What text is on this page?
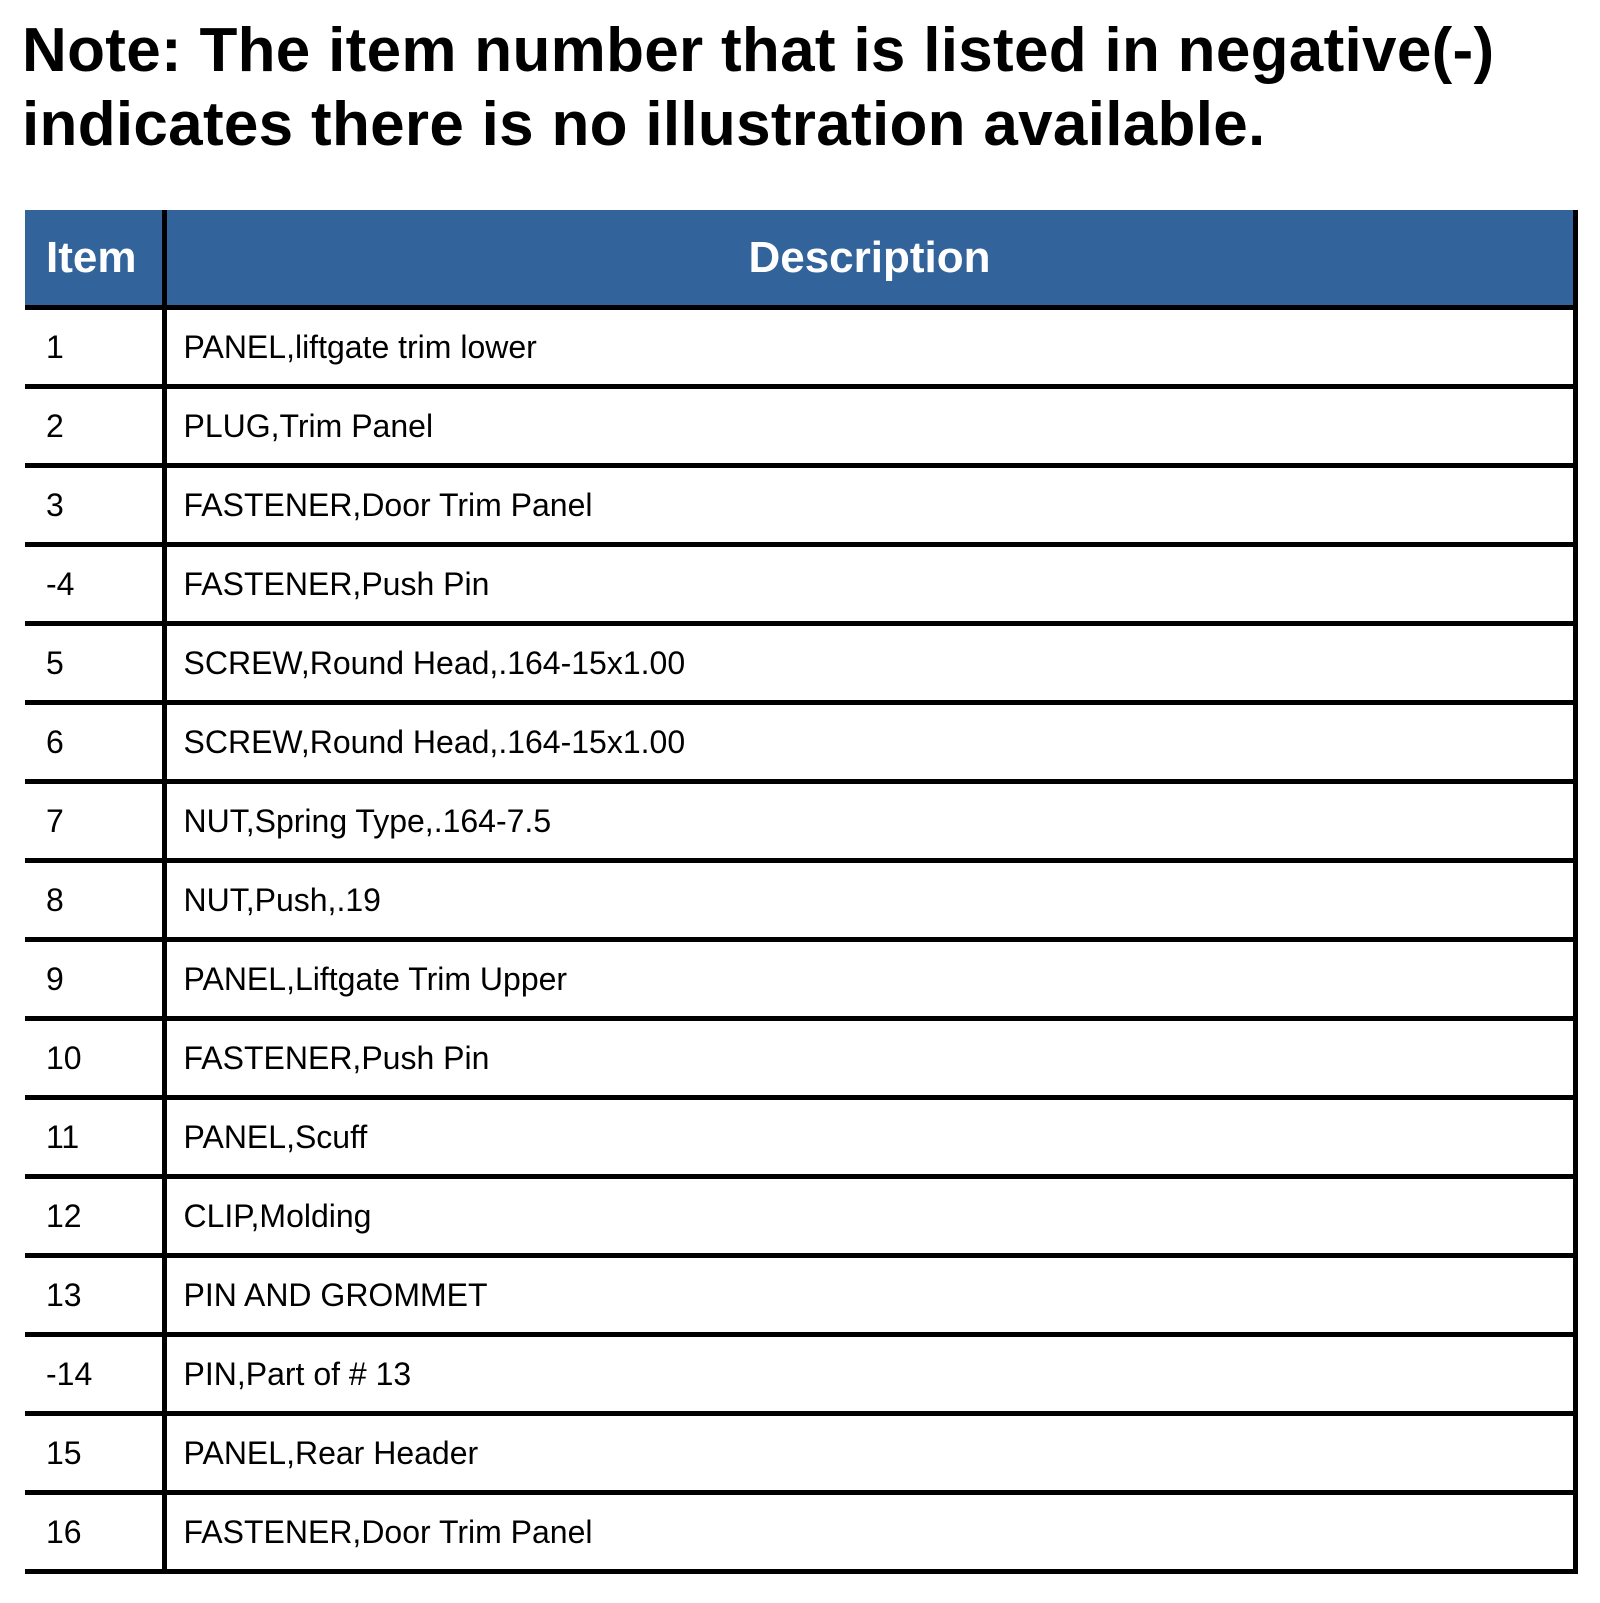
Note: The item number that is listed in negative(-)
indicates there is no illustration available.

Item	Description
1	PANEL,liftgate trim lower
2	PLUG,Trim Panel
3	FASTENER,Door Trim Panel
-4	FASTENER,Push Pin
5	SCREW,Round Head,.164-15x1.00
6	SCREW,Round Head,.164-15x1.00
7	NUT,Spring Type,.164-7.5
8	NUT,Push,.19
9	PANEL,Liftgate Trim Upper
10	FASTENER,Push Pin
11	PANEL,Scuff
12	CLIP,Molding
13	PIN AND GROMMET
-14	PIN,Part of # 13
15	PANEL,Rear Header
16	FASTENER,Door Trim Panel
